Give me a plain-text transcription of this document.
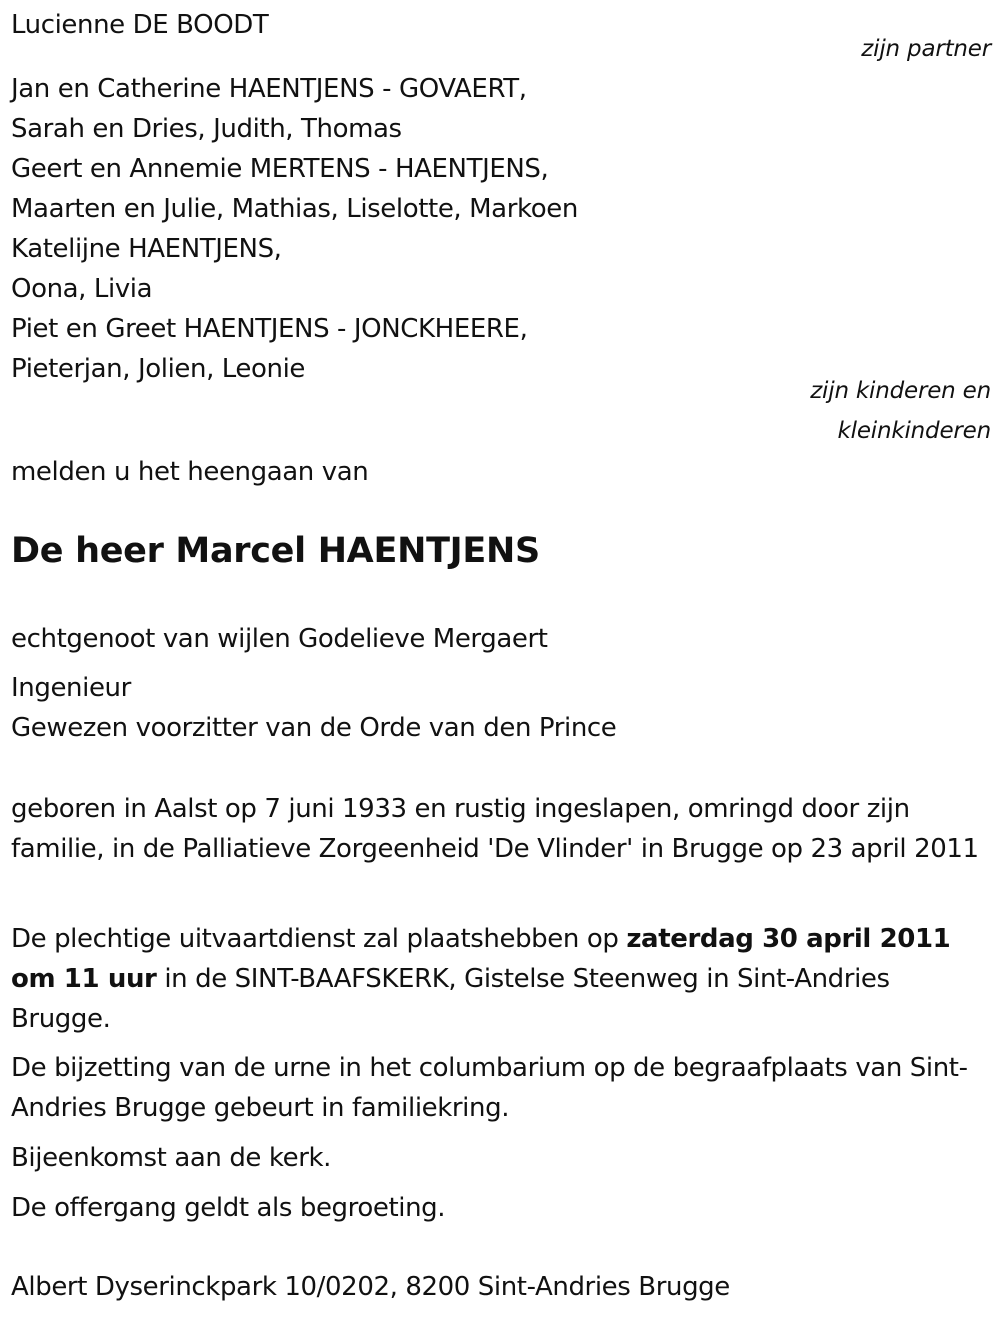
Lucienne DE BOODT
zijn partner
Jan en Catherine HAENTJENS - GOVAERT,
Sarah en Dries, Judith, Thomas
Geert en Annemie MERTENS - HAENTJENS,
Maarten en Julie, Mathias, Liselotte, Markoen
Katelijne HAENTJENS,
Oona, Livia
Piet en Greet HAENTJENS - JONCKHEERE,
Pieterjan, Jolien, Leonie
zijn kinderen en
kleinkinderen
melden u het heengaan van
De heer Marcel HAENTJENS
echtgenoot van wijlen Godelieve Mergaert
Ingenieur
Gewezen voorzitter van de Orde van den Prince
geboren in Aalst op 7 juni 1933 en rustig ingeslapen, omringd door zijn familie, in de Palliatieve Zorgeenheid 'De Vlinder' in Brugge op 23 april 2011
De plechtige uitvaartdienst zal plaatshebben op zaterdag 30 april 2011 om 11 uur in de SINT-BAAFSKERK, Gistelse Steenweg in Sint-Andries Brugge.
De bijzetting van de urne in het columbarium op de begraafplaats van Sint-Andries Brugge gebeurt in familiekring.
Bijeenkomst aan de kerk.
De offergang geldt als begroeting.
Albert Dyserinckpark 10/0202, 8200 Sint-Andries Brugge
